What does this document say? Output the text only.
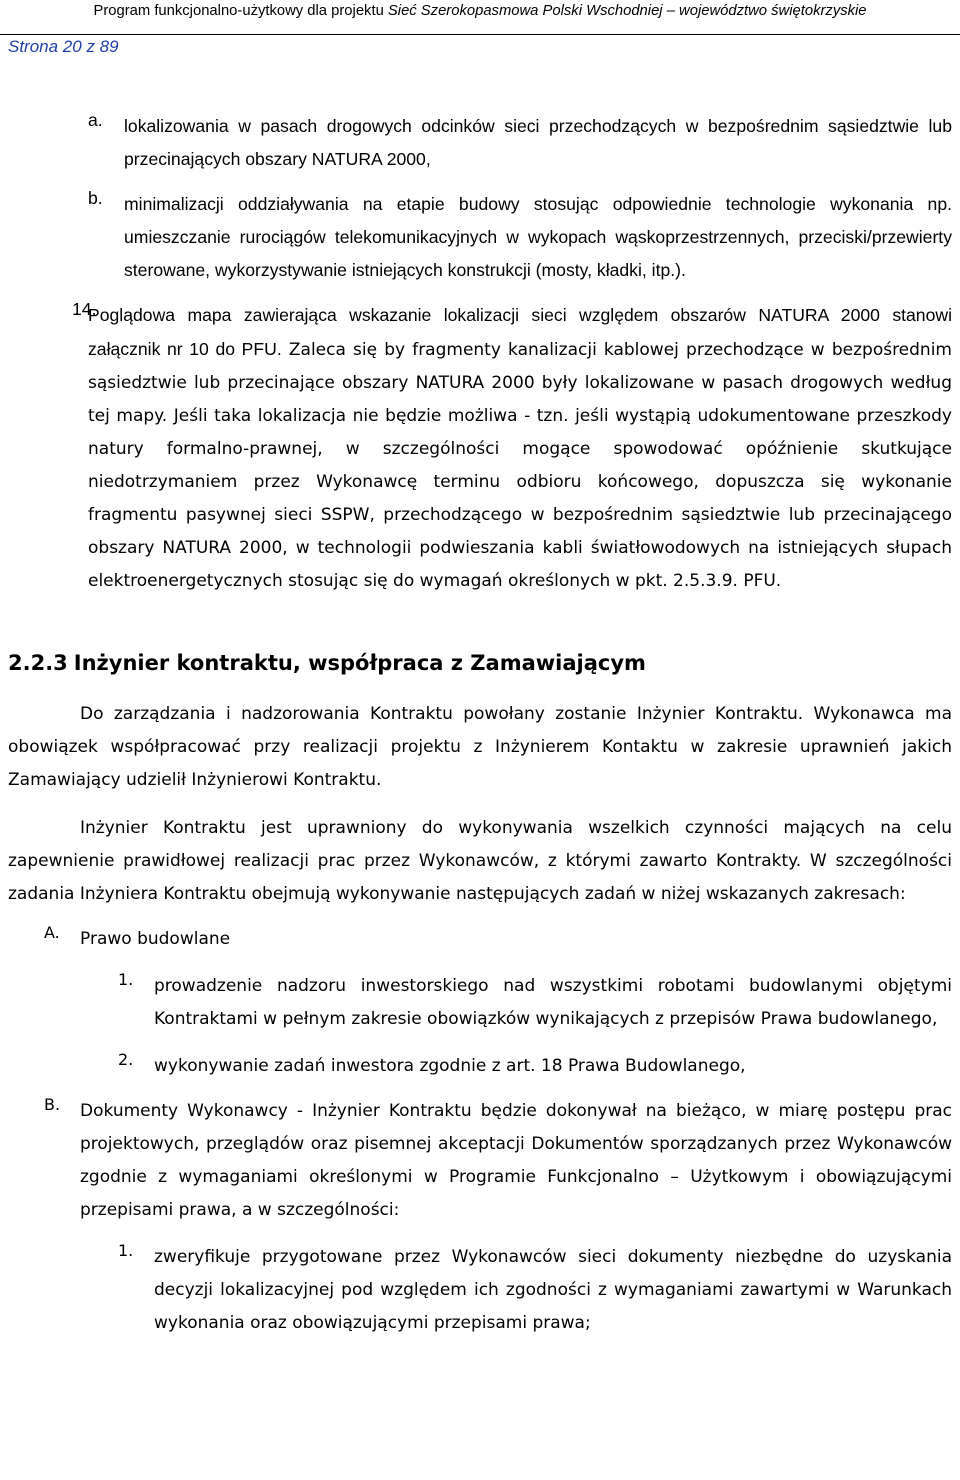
Program funkcjonalno-użytkowy dla projektu Sieć Szerokopasmowa Polski Wschodniej – województwo świętokrzyskie
Strona 20 z 89
a.	lokalizowania w pasach drogowych odcinków sieci przechodzących w bezpośrednim sąsiedztwie lub przecinających obszary NATURA 2000,

b.	minimalizacji oddziaływania na etapie budowy stosując odpowiednie technologie wykonania np. umieszczanie rurociągów telekomunikacyjnych w wykopach wąskoprzestrzennych, przeciski/przewierty sterowane, wykorzystywanie istniejących konstrukcji (mosty, kładki, itp.).

14.

Poglądowa mapa zawierająca wskazanie lokalizacji sieci względem obszarów NATURA 2000 stanowi załącznik nr 10 do PFU. Zaleca się by fragmenty kanalizacji kablowej przechodzące w bezpośrednim sąsiedztwie lub przecinające obszary NATURA 2000 były lokalizowane w pasach drogowych według tej mapy. Jeśli taka lokalizacja nie będzie możliwa - tzn. jeśli wystąpią udokumentowane przeszkody natury formalno-prawnej, w szczególności mogące spowodować opóźnienie skutkujące niedotrzymaniem przez Wykonawcę terminu odbioru końcowego, dopuszcza się wykonanie fragmentu pasywnej sieci SSPW, przechodzącego w bezpośrednim sąsiedztwie lub przecinającego obszary NATURA 2000, w technologii podwieszania kabli światłowodowych na istniejących słupach elektroenergetycznych stosując się do wymagań określonych w pkt. 2.5.3.9. PFU.

2.2.3 Inżynier kontraktu, współpraca z Zamawiającym

Do zarządzania i nadzorowania Kontraktu powołany zostanie Inżynier Kontraktu. Wykonawca ma obowiązek współpracować przy realizacji projektu z Inżynierem Kontaktu w zakresie uprawnień jakich Zamawiający udzielił Inżynierowi Kontraktu.

Inżynier Kontraktu jest uprawniony do wykonywania wszelkich czynności mających na celu zapewnienie prawidłowej realizacji prac przez Wykonawców, z którymi zawarto Kontrakty. W szczególności zadania Inżyniera Kontraktu obejmują wykonywanie następujących zadań w niżej wskazanych zakresach:

A.	Prawo budowlane

1.	prowadzenie nadzoru inwestorskiego nad wszystkimi robotami budowlanymi objętymi Kontraktami w pełnym zakresie obowiązków wynikających z przepisów Prawa budowlanego,

2.	wykonywanie zadań inwestora zgodnie z art. 18 Prawa Budowlanego,

B.	Dokumenty Wykonawcy - Inżynier Kontraktu będzie dokonywał na bieżąco, w miarę postępu prac projektowych, przeglądów oraz pisemnej akceptacji Dokumentów sporządzanych przez Wykonawców zgodnie z wymaganiami określonymi w Programie Funkcjonalno – Użytkowym i obowiązującymi przepisami prawa, a w szczególności:

1.	zweryfikuje przygotowane przez Wykonawców sieci dokumenty niezbędne do uzyskania decyzji lokalizacyjnej pod względem ich zgodności z wymaganiami zawartymi w Warunkach wykonania oraz obowiązującymi przepisami prawa;
